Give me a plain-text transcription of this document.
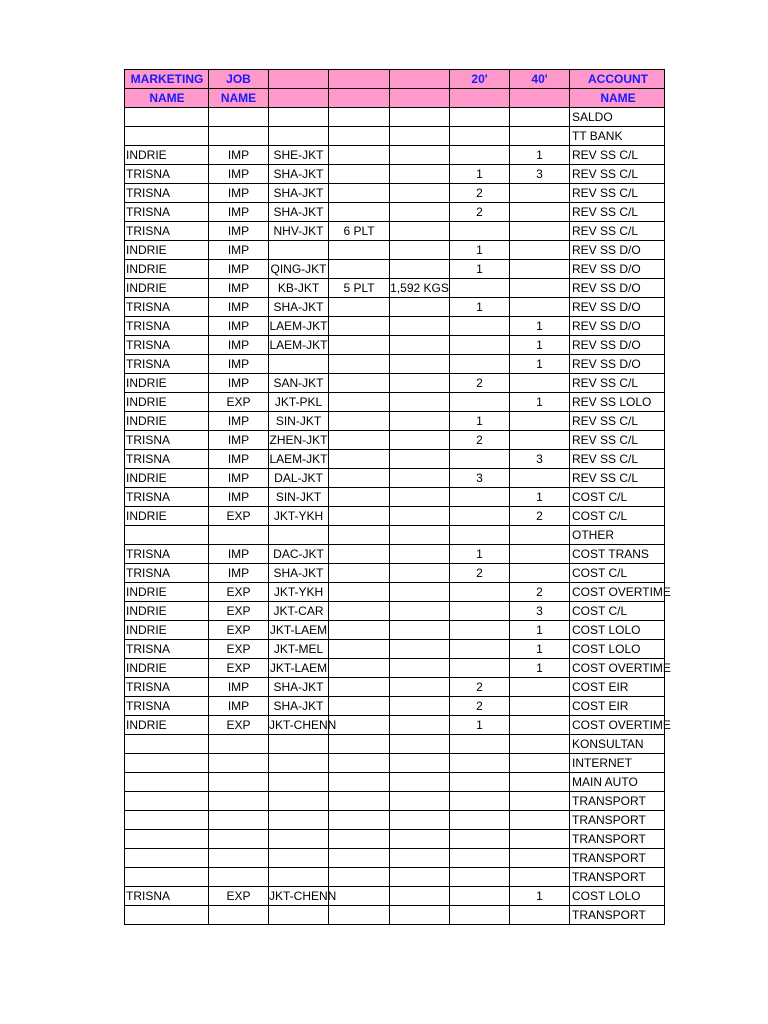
MARKETING	JOB				20'	40'	ACCOUNT
NAME	NAME						NAME
							SALDO
							TT BANK
INDRIE	IMP	SHE-JKT				1	REV SS C/L
TRISNA	IMP	SHA-JKT			1	3	REV SS C/L
TRISNA	IMP	SHA-JKT			2		REV SS C/L
TRISNA	IMP	SHA-JKT			2		REV SS C/L
TRISNA	IMP	NHV-JKT	6 PLT				REV SS C/L
INDRIE	IMP				1		REV SS D/O
INDRIE	IMP	QING-JKT			1		REV SS D/O
INDRIE	IMP	KB-JKT	5 PLT	1,592 KGS			REV SS D/O
TRISNA	IMP	SHA-JKT			1		REV SS D/O
TRISNA	IMP	LAEM-JKT				1	REV SS D/O
TRISNA	IMP	LAEM-JKT				1	REV SS D/O
TRISNA	IMP					1	REV SS D/O
INDRIE	IMP	SAN-JKT			2		REV SS C/L
INDRIE	EXP	JKT-PKL				1	REV SS LOLO
INDRIE	IMP	SIN-JKT			1		REV SS C/L
TRISNA	IMP	ZHEN-JKT			2		REV SS C/L
TRISNA	IMP	LAEM-JKT				3	REV SS C/L
INDRIE	IMP	DAL-JKT			3		REV SS C/L
TRISNA	IMP	SIN-JKT				1	COST C/L
INDRIE	EXP	JKT-YKH				2	COST C/L
							OTHER
TRISNA	IMP	DAC-JKT			1		COST TRANS
TRISNA	IMP	SHA-JKT			2		COST C/L
INDRIE	EXP	JKT-YKH				2	COST OVERTIME
INDRIE	EXP	JKT-CAR				3	COST C/L
INDRIE	EXP	JKT-LAEM				1	COST LOLO
TRISNA	EXP	JKT-MEL				1	COST LOLO
INDRIE	EXP	JKT-LAEM				1	COST OVERTIME
TRISNA	IMP	SHA-JKT			2		COST EIR
TRISNA	IMP	SHA-JKT			2		COST EIR
INDRIE	EXP	JKT-CHENN			1		COST OVERTIME
							KONSULTAN
							INTERNET
							MAIN AUTO
							TRANSPORT
							TRANSPORT
							TRANSPORT
							TRANSPORT
							TRANSPORT
TRISNA	EXP	JKT-CHENN				1	COST LOLO
							TRANSPORT
